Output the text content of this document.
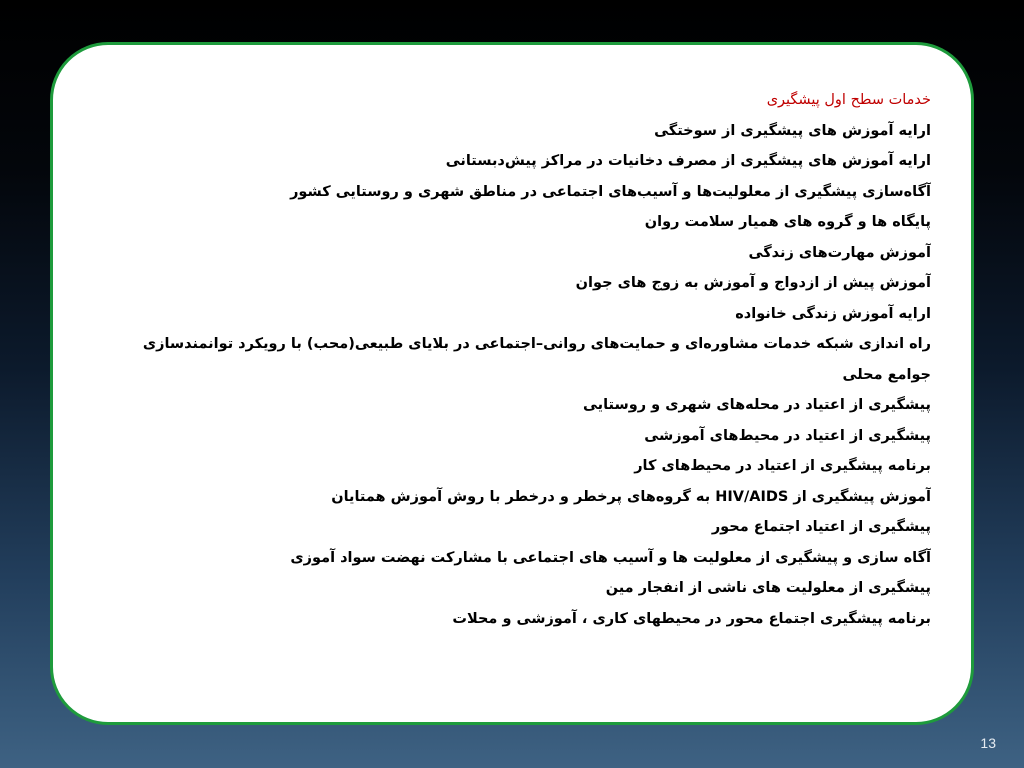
خدمات سطح اول پیشگیری
ارایه آموزش های پیشگیری از سوختگی
ارایه آموزش های پیشگیری از مصرف دخانیات در مراکز پیش‌دبستانی
آگاه‌سازی پیشگیری از معلولیت‌ها و آسیب‌های اجتماعی در مناطق شهری و روستایی کشور
پایگاه ها و گروه های همیار سلامت روان
آموزش مهارت‌های زندگی
آموزش پیش از ازدواج و آموزش به زوج های جوان
ارایه آموزش زندگی خانواده
راه اندازی شبکه خدمات مشاوره‌ای و حمایت‌های روانی–اجتماعی در بلایای طبیعی(محب) با رویکرد توانمندسازی
جوامع محلی
پیشگیری از اعتیاد در محله‌های شهری و روستایی
پیشگیری از اعتیاد در محیط‌های آموزشی
برنامه پیشگیری از اعتیاد در محیط‌های کار
آموزش پیشگیری از HIV/AIDS به گروه‌های پرخطر و درخطر با روش آموزش همتایان
پیشگیری از اعتیاد اجتماع محور
آگاه سازی و پیشگیری از معلولیت ها و آسیب های اجتماعی با مشارکت نهضت سواد آموزی
پیشگیری از معلولیت های ناشی از انفجار مین
برنامه پیشگیری اجتماع محور در محیطهای کاری ، آموزشی و محلات
13
